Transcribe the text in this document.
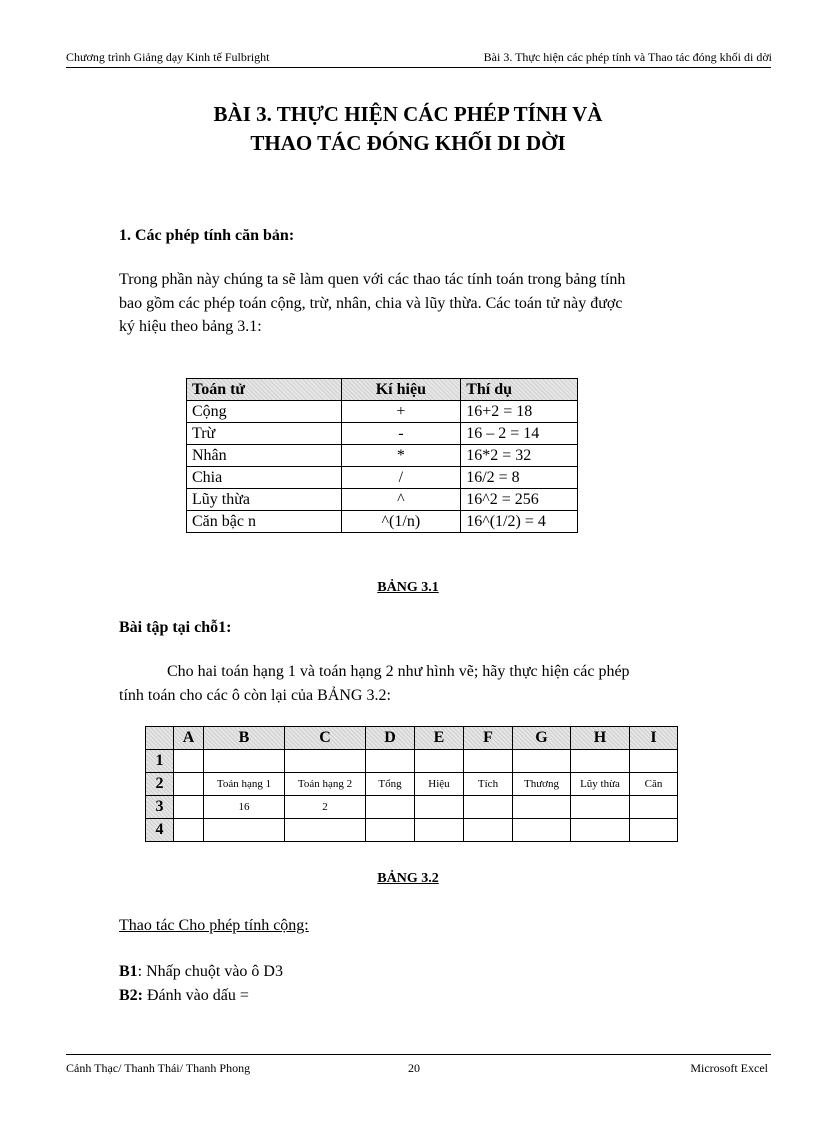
Chương trình Giảng dạy Kinh tế Fulbright	Bài 3. Thực hiện các phép tính và Thao tác đóng khối di dời
BÀI 3. THỰC HIỆN CÁC PHÉP TÍNH VÀ
THAO TÁC ĐÓNG KHỐI DI DỜI
1. Các phép tính căn bản:
Trong phần này chúng ta sẽ làm quen với các thao tác tính toán trong bảng tính
bao gồm các phép toán cộng, trừ, nhân, chia và lũy thừa. Các toán tử này được
ký hiệu theo bảng 3.1:
Toán tử	Kí hiệu	Thí dụ
Cộng	+	16+2 = 18
Trừ	-	16 – 2 = 14
Nhân	*	16*2 = 32
Chia	/	16/2 = 8
Lũy thừa	^	16^2 = 256
Căn bậc n	^(1/n)	16^(1/2) = 4
BẢNG 3.1
Bài tập tại chỗ1:
Cho hai toán hạng 1 và toán hạng 2 như hình vẽ; hãy thực hiện các phép
tính toán cho các ô còn lại của BẢNG 3.2:
	A	B	C	D	E	F	G	H	I
1									
2		Toán hạng 1	Toán hạng 2	Tổng	Hiệu	Tích	Thương	Lũy thừa	Căn
3		16	2						
4									
BẢNG 3.2
Thao tác Cho phép tính cộng:
B1: Nhấp chuột vào ô D3
B2: Đánh vào dấu =
Cảnh Thạc/ Thanh Thái/ Thanh Phong	20	Microsoft Excel
